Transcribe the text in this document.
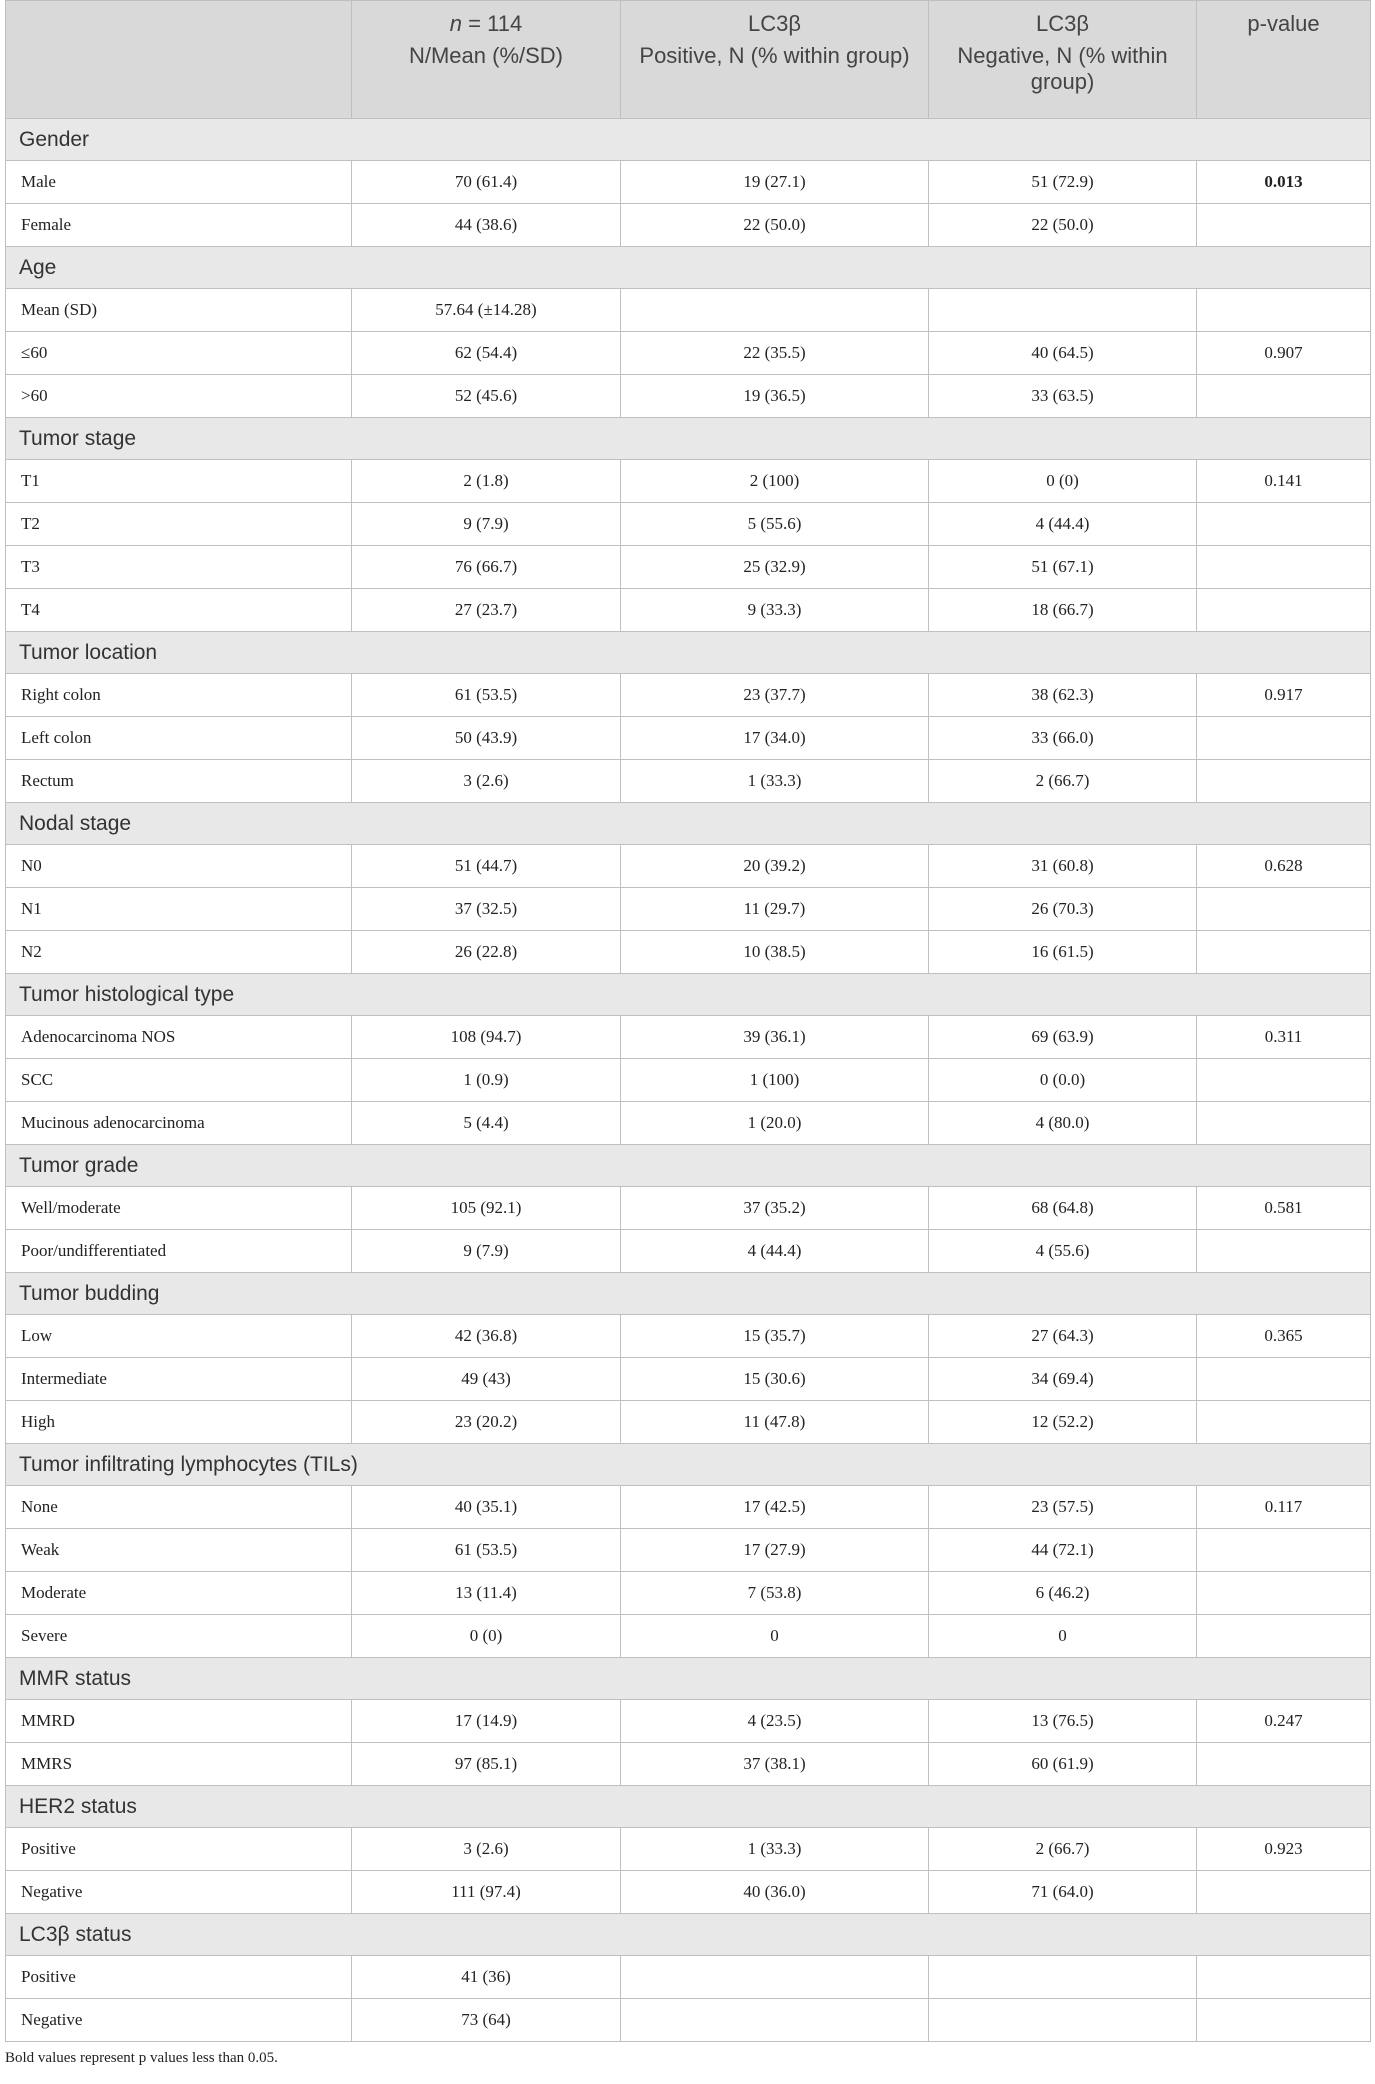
	n = 114	LC3β	LC3β	p-value
	N/Mean (%/SD)	Positive, N (% within group)	Negative, N (% within group)	
Gender				
Male	70 (61.4)	19 (27.1)	51 (72.9)	0.013
Female	44 (38.6)	22 (50.0)	22 (50.0)	
Age				
Mean (SD)	57.64 (±14.28)			
≤60	62 (54.4)	22 (35.5)	40 (64.5)	0.907
>60	52 (45.6)	19 (36.5)	33 (63.5)	
Tumor stage				
T1	2 (1.8)	2 (100)	0 (0)	0.141
T2	9 (7.9)	5 (55.6)	4 (44.4)	
T3	76 (66.7)	25 (32.9)	51 (67.1)	
T4	27 (23.7)	9 (33.3)	18 (66.7)	
Tumor location				
Right colon	61 (53.5)	23 (37.7)	38 (62.3)	0.917
Left colon	50 (43.9)	17 (34.0)	33 (66.0)	
Rectum	3 (2.6)	1 (33.3)	2 (66.7)	
Nodal stage				
N0	51 (44.7)	20 (39.2)	31 (60.8)	0.628
N1	37 (32.5)	11 (29.7)	26 (70.3)	
N2	26 (22.8)	10 (38.5)	16 (61.5)	
Tumor histological type				
Adenocarcinoma NOS	108 (94.7)	39 (36.1)	69 (63.9)	0.311
SCC	1 (0.9)	1 (100)	0 (0.0)	
Mucinous adenocarcinoma	5 (4.4)	1 (20.0)	4 (80.0)	
Tumor grade				
Well/moderate	105 (92.1)	37 (35.2)	68 (64.8)	0.581
Poor/undifferentiated	9 (7.9)	4 (44.4)	4 (55.6)	
Tumor budding				
Low	42 (36.8)	15 (35.7)	27 (64.3)	0.365
Intermediate	49 (43)	15 (30.6)	34 (69.4)	
High	23 (20.2)	11 (47.8)	12 (52.2)	
Tumor infiltrating lymphocytes (TILs)				
None	40 (35.1)	17 (42.5)	23 (57.5)	0.117
Weak	61 (53.5)	17 (27.9)	44 (72.1)	
Moderate	13 (11.4)	7 (53.8)	6 (46.2)	
Severe	0 (0)	0	0	
MMR status				
MMRD	17 (14.9)	4 (23.5)	13 (76.5)	0.247
MMRS	97 (85.1)	37 (38.1)	60 (61.9)	
HER2 status				
Positive	3 (2.6)	1 (33.3)	2 (66.7)	0.923
Negative	111 (97.4)	40 (36.0)	71 (64.0)	
LC3β status				
Positive	41 (36)			
Negative	73 (64)			
Bold values represent p values less than 0.05.
